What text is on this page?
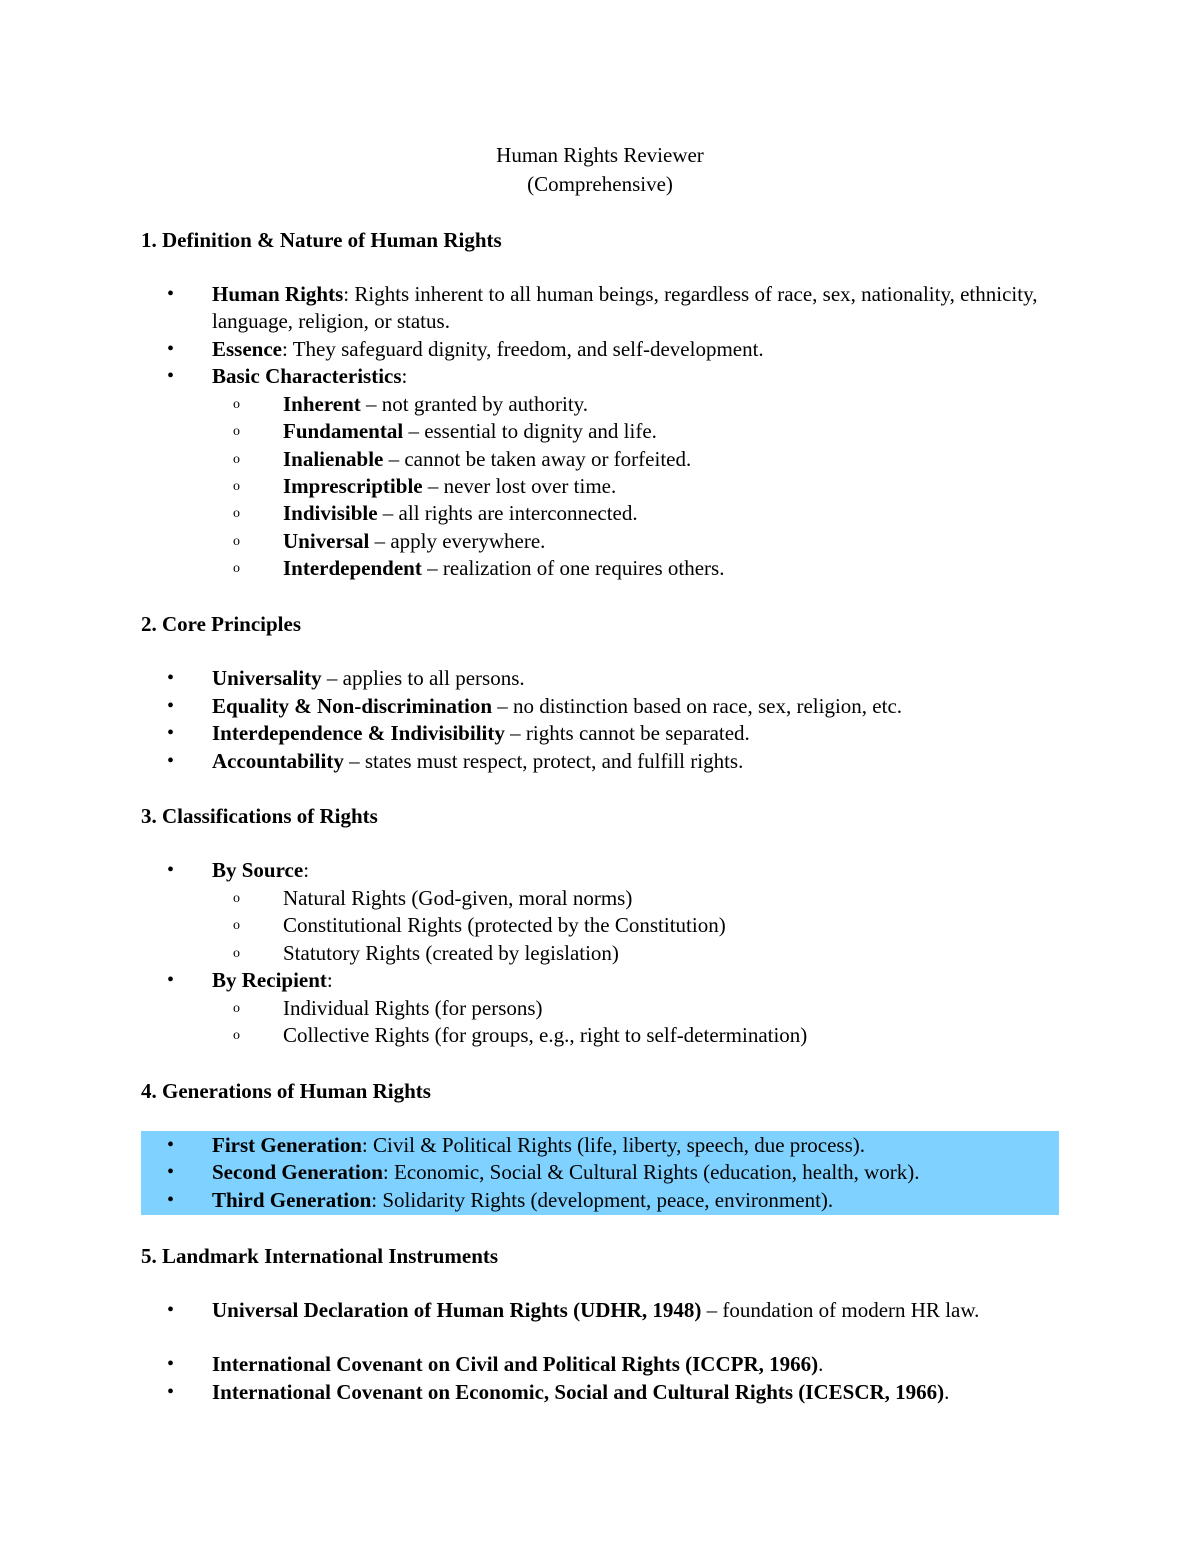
Human Rights Reviewer
(Comprehensive)
1. Definition & Nature of Human Rights
• Human Rights: Rights inherent to all human beings, regardless of race, sex, nationality, ethnicity, language, religion, or status.
• Essence: They safeguard dignity, freedom, and self-development.
• Basic Characteristics:
o Inherent – not granted by authority.
o Fundamental – essential to dignity and life.
o Inalienable – cannot be taken away or forfeited.
o Imprescriptible – never lost over time.
o Indivisible – all rights are interconnected.
o Universal – apply everywhere.
o Interdependent – realization of one requires others.
2. Core Principles
• Universality – applies to all persons.
• Equality & Non-discrimination – no distinction based on race, sex, religion, etc.
• Interdependence & Indivisibility – rights cannot be separated.
• Accountability – states must respect, protect, and fulfill rights.
3. Classifications of Rights
• By Source:
o Natural Rights (God-given, moral norms)
o Constitutional Rights (protected by the Constitution)
o Statutory Rights (created by legislation)
• By Recipient:
o Individual Rights (for persons)
o Collective Rights (for groups, e.g., right to self-determination)
4. Generations of Human Rights
• First Generation: Civil & Political Rights (life, liberty, speech, due process).
• Second Generation: Economic, Social & Cultural Rights (education, health, work).
• Third Generation: Solidarity Rights (development, peace, environment).
5. Landmark International Instruments
• Universal Declaration of Human Rights (UDHR, 1948) – foundation of modern HR law.
• International Covenant on Civil and Political Rights (ICCPR, 1966).
• International Covenant on Economic, Social and Cultural Rights (ICESCR, 1966).
